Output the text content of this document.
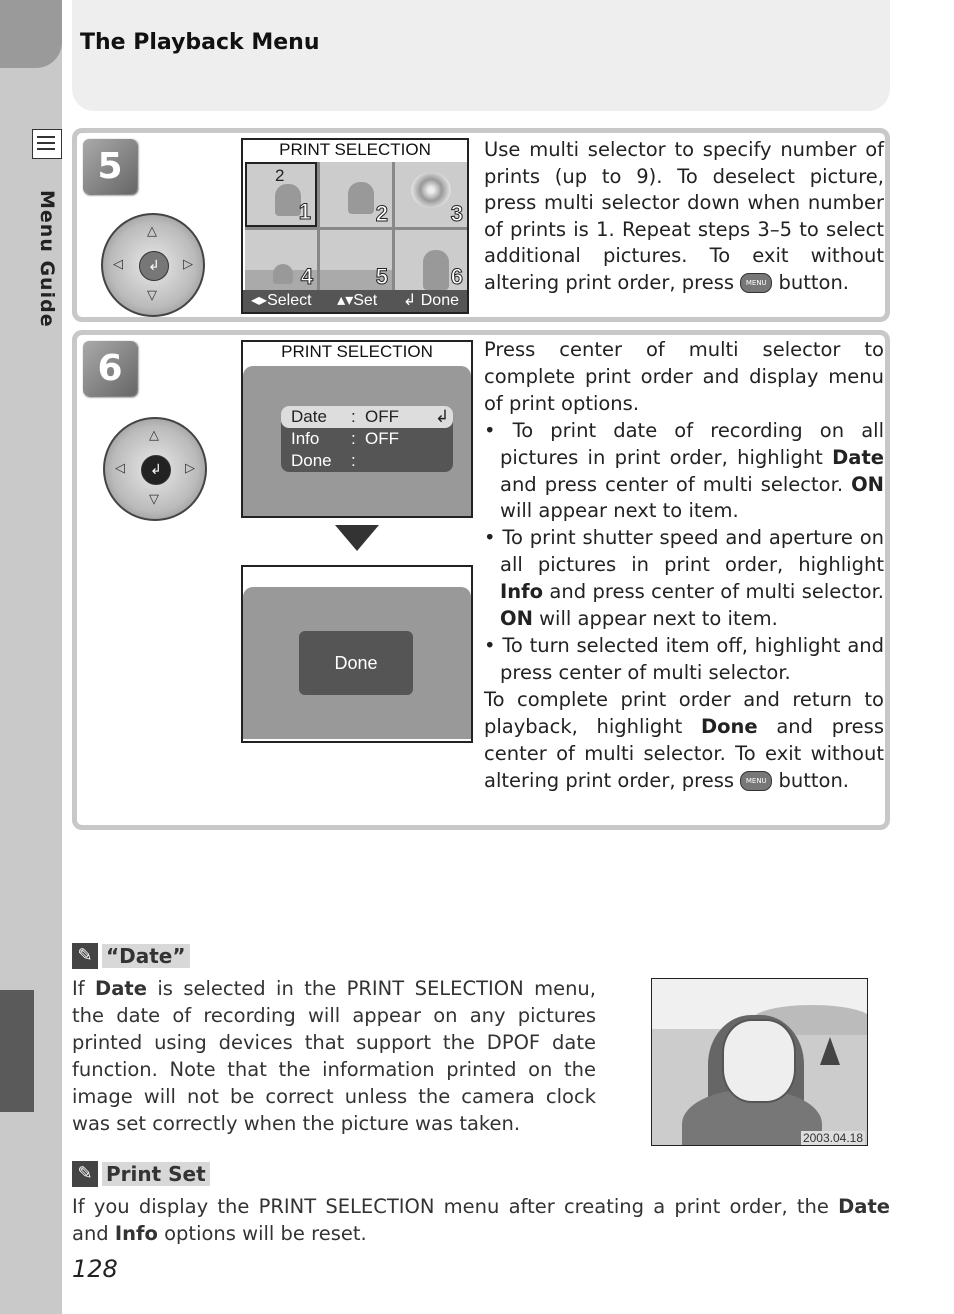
Menu Guide
The Playback Menu
5
△
▽
◁	▷
↲
PRINT SELECTION
2
1	2	3
4	5	6
◂▸Select ▴▾Set ↲ Done
Use multi selector to specify number of prints (up to 9). To deselect picture, press multi selector down when number of prints is 1. Repeat steps 3–5 to select additional pictures. To exit without altering print order, press MENU button.
6
△
▽
◁	▷
↲
PRINT SELECTION
Date	: OFF	↲
Info	: OFF
Done	:
Done
Press center of multi selector to complete print order and display menu of print options.

• To print date of recording on all pictures in print order, highlight Date and press center of multi selector. ON will appear next to item.

• To print shutter speed and aperture on all pictures in print order, highlight Info and press center of multi selector. ON will appear next to item.

• To turn selected item off, highlight and press center of multi selector.

To complete print order and return to playback, highlight Done and press center of multi selector. To exit without altering print order, press MENU button.
✎ “Date”
If Date is selected in the PRINT SELECTION menu, the date of recording will appear on any pictures printed using devices that support the DPOF date function. Note that the information printed on the image will not be correct unless the camera clock was set correctly when the picture was taken.
2003.04.18
✎ Print Set
If you display the PRINT SELECTION menu after creating a print order, the Date and Info options will be reset.
128
